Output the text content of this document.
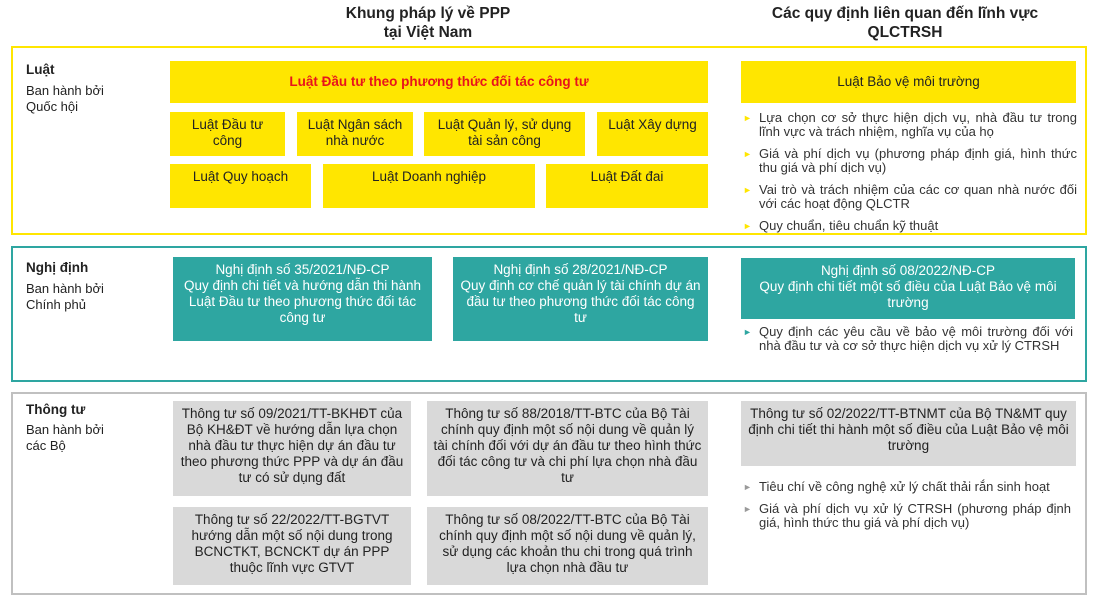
Khung pháp lý về PPP
tại Việt Nam
Các quy định liên quan đến lĩnh vực
QLCTRSH
Luật
Ban hành bởi
Quốc hội
Luật Đầu tư theo phương thức đối tác công tư
Luật Đầu tư công
Luật Ngân sách nhà nước
Luật Quản lý, sử dụng tài sản công
Luật Xây dựng
Luật Quy hoạch	Luật Doanh nghiệp	Luật Đất đai
Luật Bảo vệ môi trường
► Lựa chọn cơ sở thực hiện dịch vụ, nhà đầu tư trong lĩnh vực và trách nhiệm, nghĩa vụ của họ
► Giá và phí dịch vụ (phương pháp định giá, hình thức thu giá và phí dịch vụ)
► Vai trò và trách nhiệm của các cơ quan nhà nước đối với các hoạt động QLCTR
► Quy chuẩn, tiêu chuẩn kỹ thuật
Nghị định
Ban hành bởi
Chính phủ
Nghị định số 35/2021/NĐ-CP
Quy định chi tiết và hướng dẫn thi hành Luật Đầu tư theo phương thức đối tác công tư
Nghị định số 28/2021/NĐ-CP
Quy định cơ chế quản lý tài chính dự án đầu tư theo phương thức đối tác công tư
Nghị định số 08/2022/NĐ-CP
Quy định chi tiết một số điều của Luật Bảo vệ môi trường
► Quy định các yêu cầu về bảo vệ môi trường đối với nhà đầu tư và cơ sở thực hiện dịch vụ xử lý CTRSH
Thông tư
Ban hành bởi
các Bộ
Thông tư số 09/2021/TT-BKHĐT của Bộ KH&ĐT về hướng dẫn lựa chọn nhà đầu tư thực hiện dự án đầu tư theo phương thức PPP và dự án đầu tư có sử dụng đất
Thông tư số 88/2018/TT-BTC của Bộ Tài chính quy định một số nội dung về quản lý tài chính đối với dự án đầu tư theo hình thức đối tác công tư và chi phí lựa chọn nhà đầu tư
Thông tư số 22/2022/TT-BGTVT hướng dẫn một số nội dung trong BCNCTKT, BCNCKT dự án PPP thuộc lĩnh vực GTVT
Thông tư số 08/2022/TT-BTC của Bộ Tài chính quy định một số nội dung về quản lý, sử dụng các khoản thu chi trong quá trình lựa chọn nhà đầu tư
Thông tư số 02/2022/TT-BTNMT của Bộ TN&MT quy định chi tiết thi hành một số điều của Luật Bảo vệ môi trường
► Tiêu chí về công nghệ xử lý chất thải rắn sinh hoạt
► Giá và phí dịch vụ xử lý CTRSH (phương pháp định giá, hình thức thu giá và phí dịch vụ)
